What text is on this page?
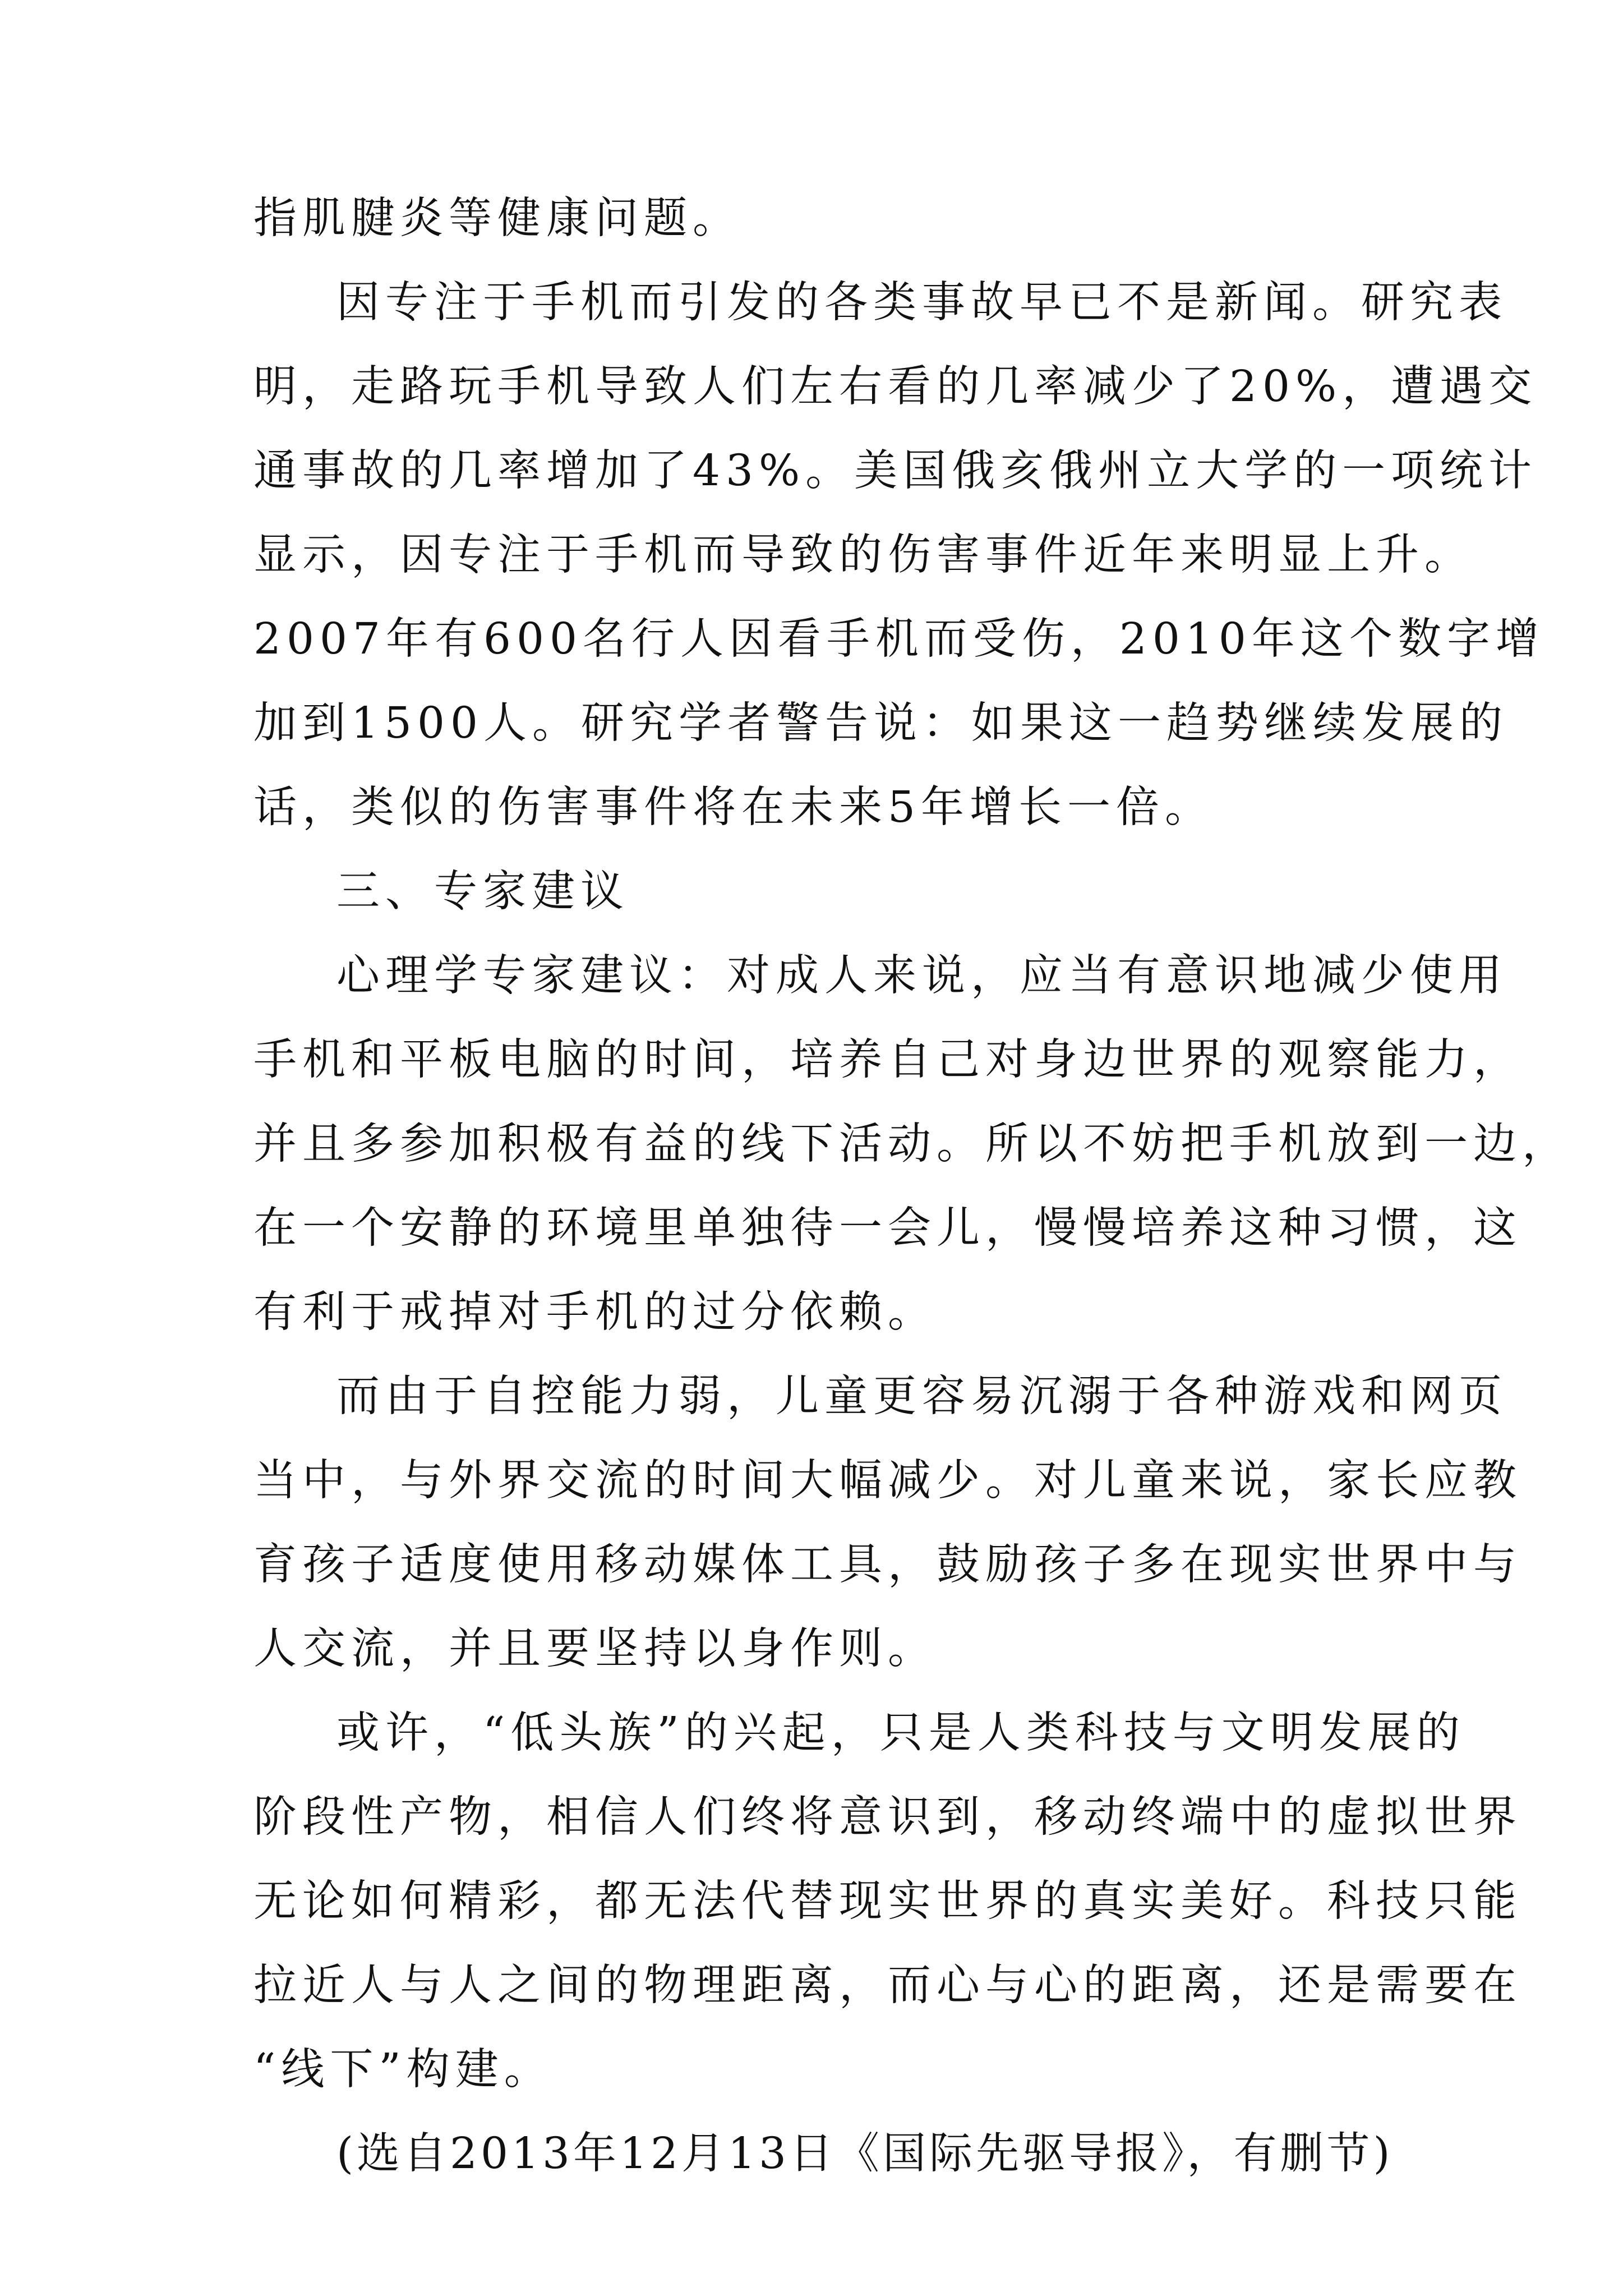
指肌腱炎等健康问题。

因专注于手机而引发的各类事故早已不是新闻。研究表

明，走路玩手机导致人们左右看的几率减少了20%，遭遇交

通事故的几率增加了43%。美国俄亥俄州立大学的一项统计

显示，因专注于手机而导致的伤害事件近年来明显上升。

2007年有600名行人因看手机而受伤，2010年这个数字增

加到1500人。研究学者警告说：如果这一趋势继续发展的

话，类似的伤害事件将在未来5年增长一倍。

三、专家建议

心理学专家建议：对成人来说，应当有意识地减少使用

手机和平板电脑的时间，培养自己对身边世界的观察能力，

并且多参加积极有益的线下活动。所以不妨把手机放到一边，

在一个安静的环境里单独待一会儿，慢慢培养这种习惯，这

有利于戒掉对手机的过分依赖。

而由于自控能力弱，儿童更容易沉溺于各种游戏和网页

当中，与外界交流的时间大幅减少。对儿童来说，家长应教

育孩子适度使用移动媒体工具，鼓励孩子多在现实世界中与

人交流，并且要坚持以身作则。

或许，“低头族”的兴起，只是人类科技与文明发展的

阶段性产物，相信人们终将意识到，移动终端中的虚拟世界

无论如何精彩，都无法代替现实世界的真实美好。科技只能

拉近人与人之间的物理距离，而心与心的距离，还是需要在

“线下”构建。

(选自2013年12月13日《国际先驱导报》，有删节)
